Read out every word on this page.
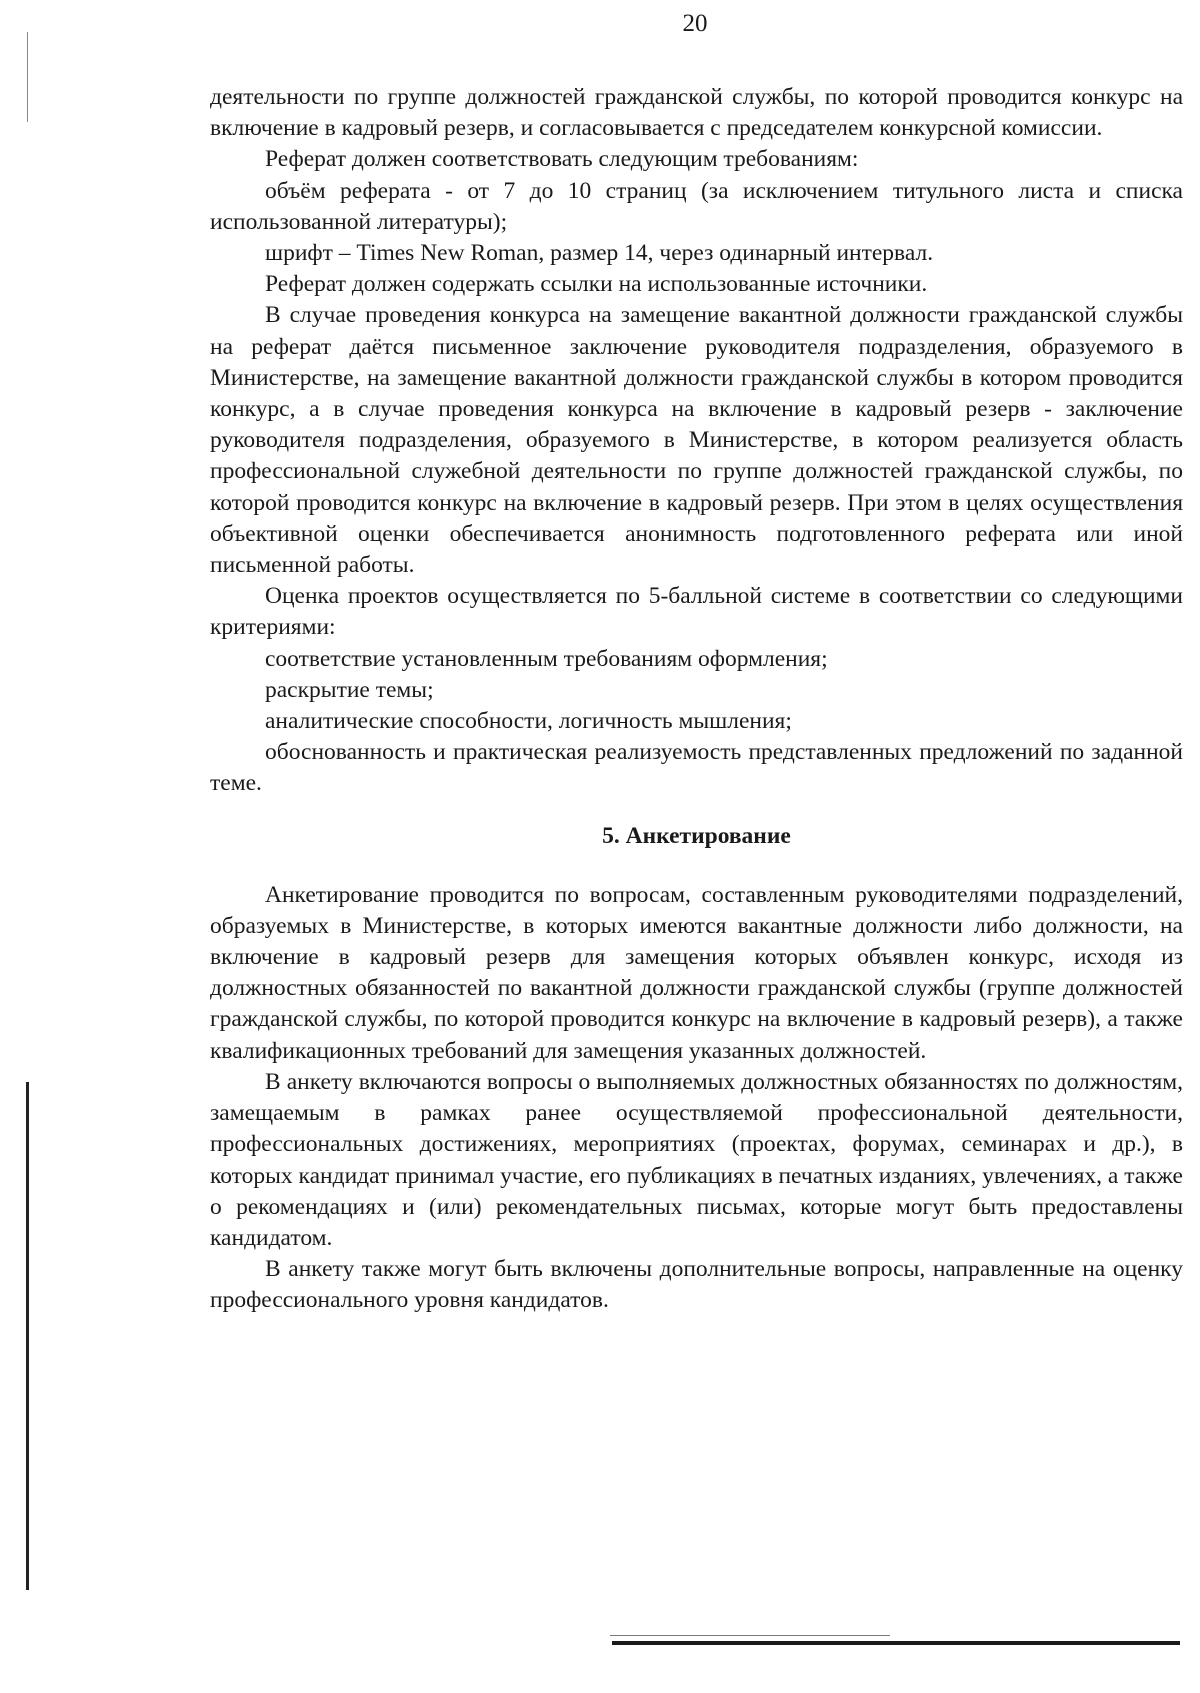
20

деятельности по группе должностей гражданской службы, по которой проводится конкурс на включение в кадровый резерв, и согласовывается с председателем конкурсной комиссии.

Реферат должен соответствовать следующим требованиям:

объём реферата - от 7 до 10 страниц (за исключением титульного листа и списка использованной литературы);

шрифт – Times New Roman, размер 14, через одинарный интервал.

Реферат должен содержать ссылки на использованные источники.

В случае проведения конкурса на замещение вакантной должности гражданской службы на реферат даётся письменное заключение руководителя подразделения, образуемого в Министерстве, на замещение вакантной должности гражданской службы в котором проводится конкурс, а в случае проведения конкурса на включение в кадровый резерв - заключение руководителя подразделения, образуемого в Министерстве, в котором реализуется область профессиональной служебной деятельности по группе должностей гражданской службы, по которой проводится конкурс на включение в кадровый резерв. При этом в целях осуществления объективной оценки обеспечивается анонимность подготовленного реферата или иной письменной работы.

Оценка проектов осуществляется по 5-балльной системе в соответствии со следующими критериями:

соответствие установленным требованиям оформления;

раскрытие темы;

аналитические способности, логичность мышления;

обоснованность и практическая реализуемость представленных предложений по заданной теме.

5. Анкетирование

Анкетирование проводится по вопросам, составленным руководителями подразделений, образуемых в Министерстве, в которых имеются вакантные должности либо должности, на включение в кадровый резерв для замещения которых объявлен конкурс, исходя из должностных обязанностей по вакантной должности гражданской службы (группе должностей гражданской службы, по которой проводится конкурс на включение в кадровый резерв), а также квалификационных требований для замещения указанных должностей.

В анкету включаются вопросы о выполняемых должностных обязанностях по должностям, замещаемым в рамках ранее осуществляемой профессиональной деятельности, профессиональных достижениях, мероприятиях (проектах, форумах, семинарах и др.), в которых кандидат принимал участие, его публикациях в печатных изданиях, увлечениях, а также о рекомендациях и (или) рекомендательных письмах, которые могут быть предоставлены кандидатом.

В анкету также могут быть включены дополнительные вопросы, направленные на оценку профессионального уровня кандидатов.
